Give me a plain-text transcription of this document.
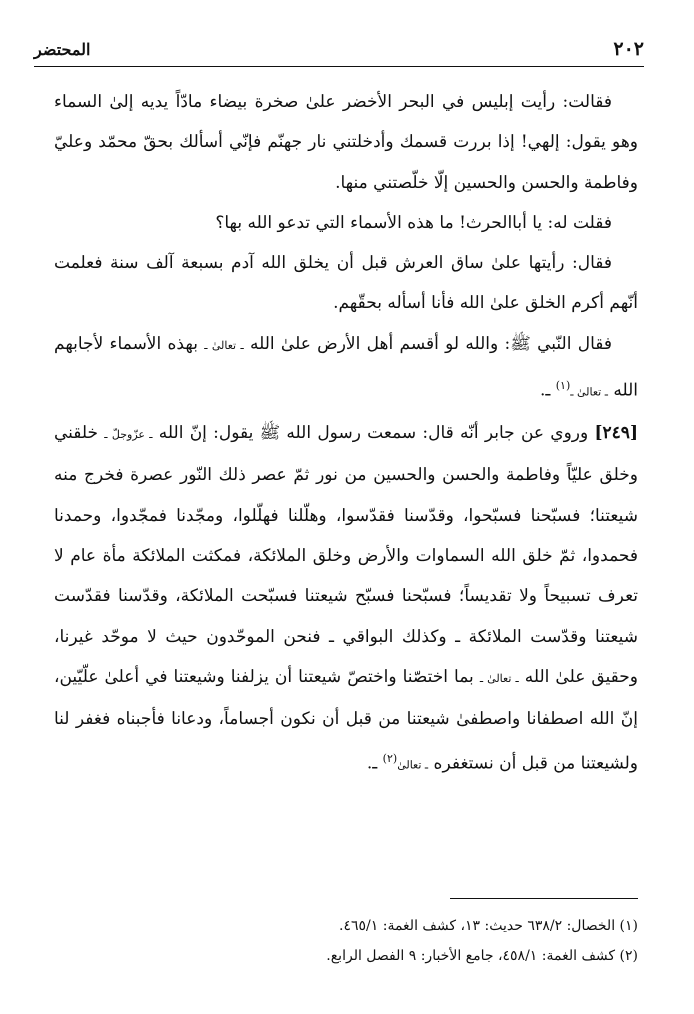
٢٠٢
المحتضر

فقالت: رأيت إبليس في البحر الأخضر علىٰ صخرة بيضاء مادّاً يديه إلىٰ السماء وهو يقول: إلهي! إذا بررت قسمك وأدخلتني نار جهنّم فإنّي أسألك بحقّ محمّد وعليّ وفاطمة والحسن والحسين إلّا خلّصتني منها.

فقلت له: يا أباالحرث! ما هذه الأسماء التي تدعو الله بها؟

فقال: رأيتها علىٰ ساق العرش قبل أن يخلق الله آدم بسبعة آلف سنة فعلمت أنّهم أكرم الخلق علىٰ الله فأنا أسأله بحقّهم.

فقال النّبي ﷺ: والله لو أقسم أهل الأرض علىٰ الله ـ تعالىٰ ـ بهذه الأسماء لأجابهم الله ـ تعالىٰ ـ$^{(١)}$ ـ.

[٢٤٩] وروي عن جابر أنّه قال: سمعت رسول الله ﷺ يقول: إنّ الله ـ عزّوجلّ ـ خلقني وخلق عليّاً وفاطمة والحسن والحسين من نور ثمّ عصر ذلك النّور عصرة فخرج منه شيعتنا؛ فسبّحنا فسبّحوا، وقدّسنا فقدّسوا، وهلّلنا فهلّلوا، ومجّدنا فمجّدوا، وحمدنا فحمدوا، ثمّ خلق الله السماوات والأرض وخلق الملائكة، فمكثت الملائكة مأة عام لا تعرف تسبيحاً ولا تقديساً؛ فسبّحنا فسبّح شيعتنا فسبّحت الملائكة، وقدّسنا فقدّست شيعتنا وقدّست الملائكة ـ وكذلك البواقي ـ فنحن الموحّدون حيث لا موحّد غيرنا، وحقيق علىٰ الله ـ تعالىٰ ـ بما اختصّنا واختصّ شيعتنا أن يزلفنا وشيعتنا في أعلىٰ علّيّين، إنّ الله اصطفانا واصطفىٰ شيعتنا من قبل أن نكون أجساماً، ودعانا فأجبناه فغفر لنا ولشيعتنا من قبل أن نستغفره ـ تعالىٰ$^{(٢)}$ ـ.

(١) الخصال: ٦٣٨/٢ حديث: ١٣، كشف الغمة: ٤٦٥/١.

(٢) كشف الغمة: ٤٥٨/١، جامع الأخبار: ٩ الفصل الرابع.
